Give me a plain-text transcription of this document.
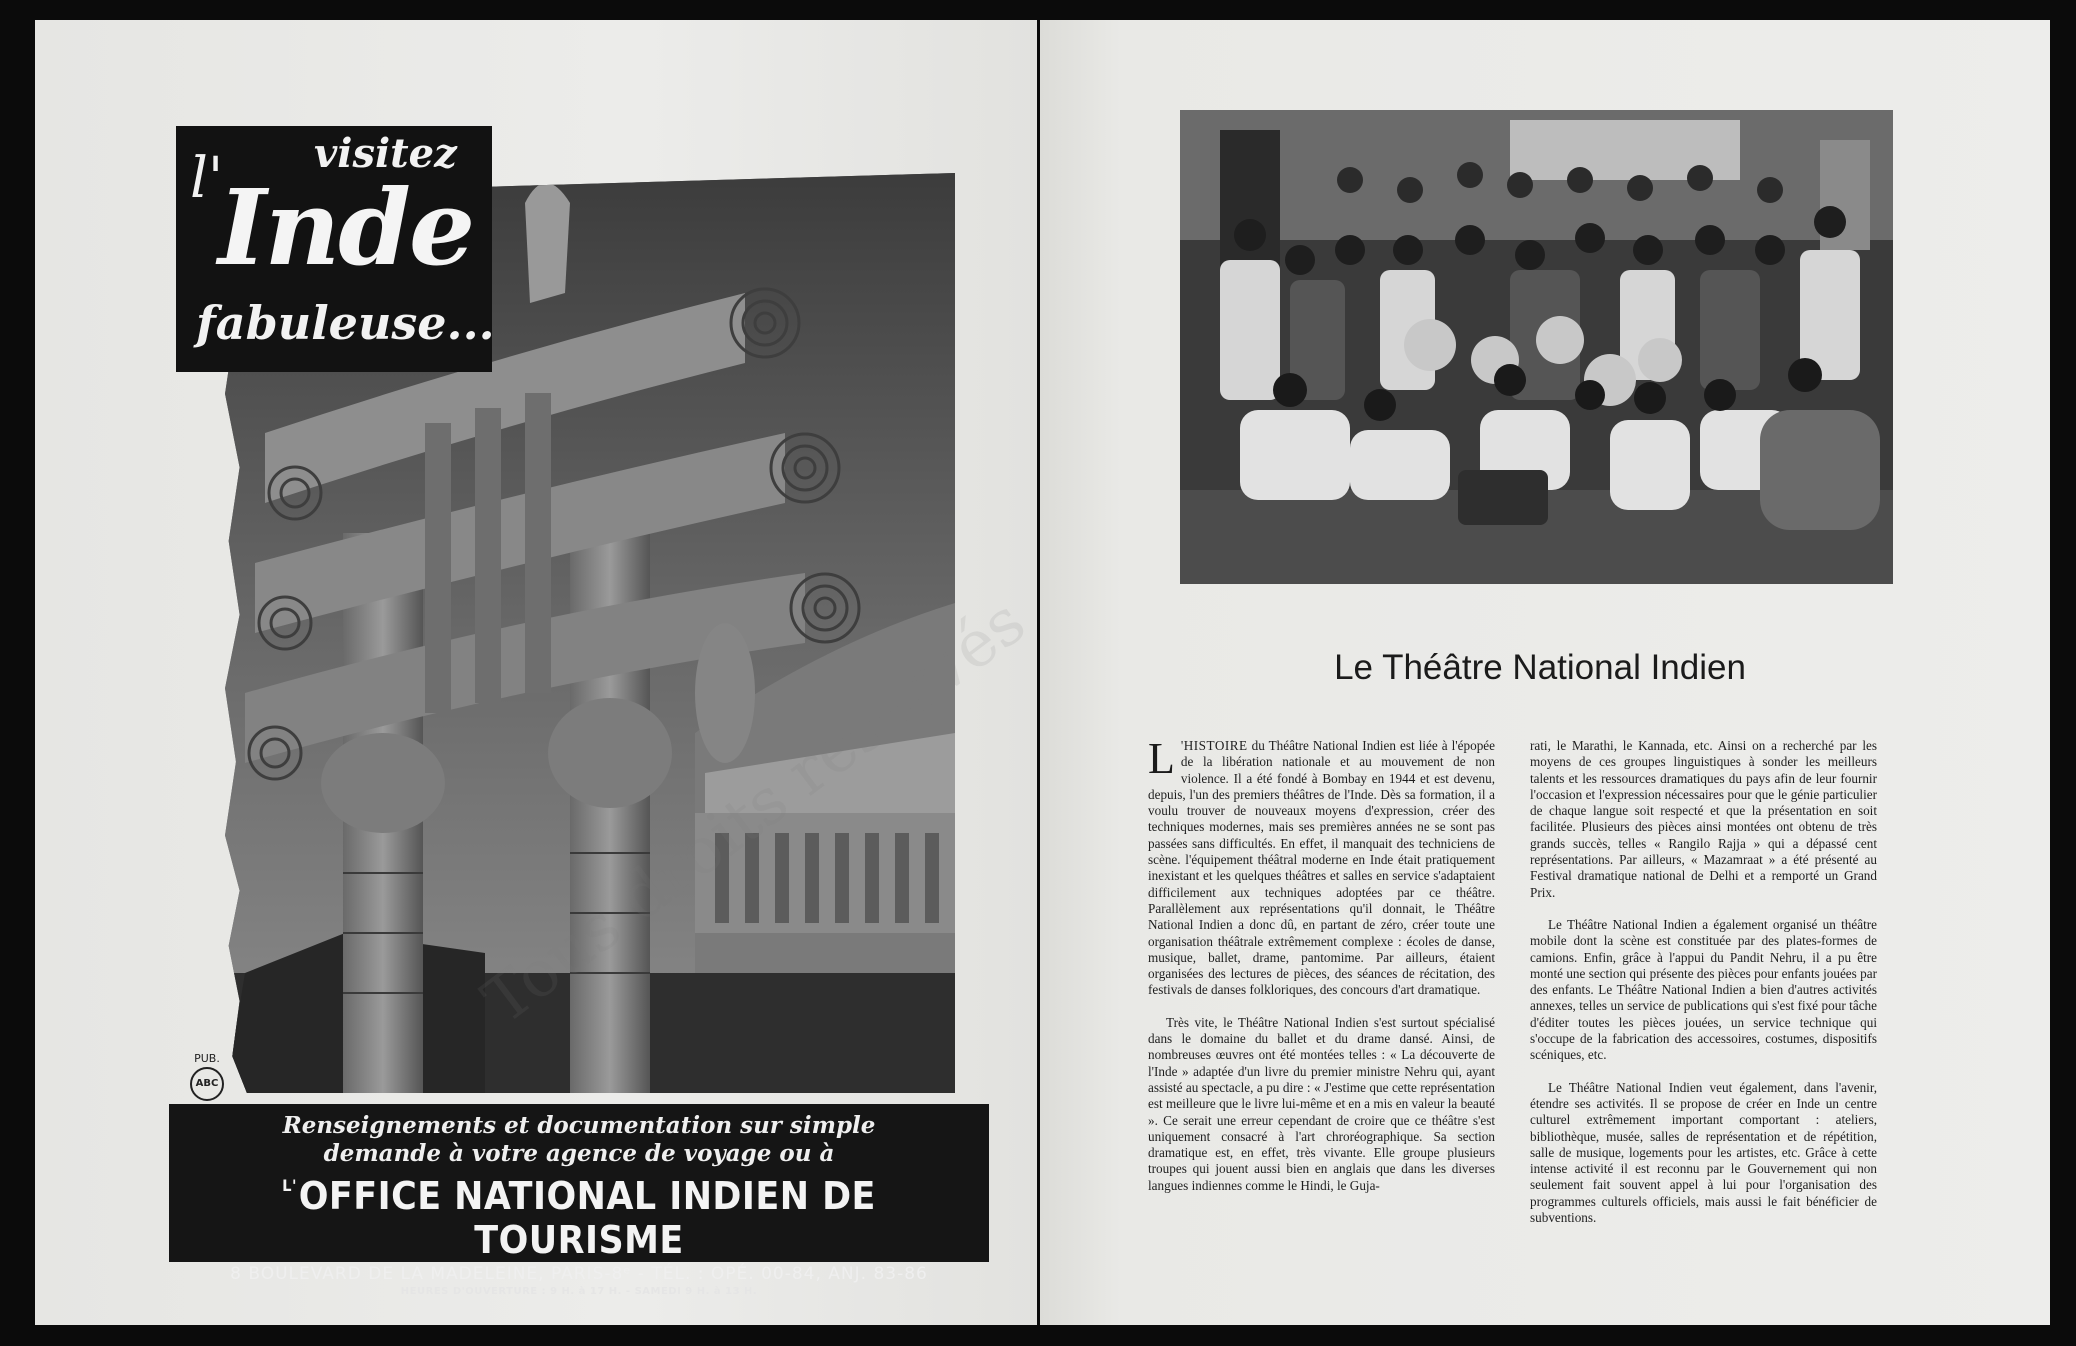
visitez
l'
Inde
fabuleuse...
PUB.
ABC
Renseignements et documentation sur simple
demande à votre agence de voyage ou à
$^{L'}$OFFICE NATIONAL INDIEN DE TOURISME
8 BOULEVARD DE LA MADELEINE, PARIS-8ᵉ - TÉL. : OPÉ. 00-84, ANJ. 83-86
HEURES D'OUVERTURE : 9 H. à 17 H. - SAMEDI 9 H. à 13 H.
Le Théâtre National Indien

L 'HISTOIRE du Théâtre National Indien est liée à l'épopée de la libération nationale et au mouvement de non violence. Il a été fondé à Bombay en 1944 et est devenu, depuis, l'un des premiers théâtres de l'Inde. Dès sa formation, il a voulu trouver de nouveaux moyens d'expression, créer des techniques modernes, mais ses premières années ne se sont pas passées sans difficultés. En effet, il manquait des techniciens de scène. l'équipement théâtral moderne en Inde était pratiquement inexistant et les quelques théâtres et salles en service s'adaptaient difficilement aux techniques adoptées par ce théâtre. Parallèlement aux représentations qu'il donnait, le Théâtre National Indien a donc dû, en partant de zéro, créer toute une organisation théâtrale extrêmement complexe : écoles de danse, musique, ballet, drame, pantomime. Par ailleurs, étaient organisées des lectures de pièces, des séances de récitation, des festivals de danses folkloriques, des concours d'art dramatique.

Très vite, le Théâtre National Indien s'est surtout spécialisé dans le domaine du ballet et du drame dansé. Ainsi, de nombreuses œuvres ont été montées telles : « La découverte de l'Inde » adaptée d'un livre du premier ministre Nehru qui, ayant assisté au spectacle, a pu dire : « J'estime que cette représentation est meilleure que le livre lui-même et en a mis en valeur la beauté ». Ce serait une erreur cependant de croire que ce théâtre s'est uniquement consacré à l'art chroréographique. Sa section dramatique est, en effet, très vivante. Elle groupe plusieurs troupes qui jouent aussi bien en anglais que dans les diverses langues indiennes comme le Hindi, le Guja-

rati, le Marathi, le Kannada, etc. Ainsi on a recherché par les moyens de ces groupes linguistiques à sonder les meilleurs talents et les ressources dramatiques du pays afin de leur fournir l'occasion et l'expression nécessaires pour que le génie particulier de chaque langue soit respecté et que la présentation en soit facilitée. Plusieurs des pièces ainsi montées ont obtenu de très grands succès, telles « Rangilo Rajja » qui a dépassé cent représentations. Par ailleurs, « Mazamraat » a été présenté au Festival dramatique national de Delhi et a remporté un Grand Prix.

Le Théâtre National Indien a également organisé un théâtre mobile dont la scène est constituée par des plates-formes de camions. Enfin, grâce à l'appui du Pandit Nehru, il a pu être monté une section qui présente des pièces pour enfants jouées par des enfants. Le Théâtre National Indien a bien d'autres activités annexes, telles un service de publications qui s'est fixé pour tâche d'éditer toutes les pièces jouées, un service technique qui s'occupe de la fabrication des accessoires, costumes, dispositifs scéniques, etc.

Le Théâtre National Indien veut également, dans l'avenir, étendre ses activités. Il se propose de créer en Inde un centre culturel extrêmement important comportant : ateliers, bibliothèque, musée, salles de représentation et de répétition, salle de musique, logements pour les artistes, etc. Grâce à cette intense activité il est reconnu par le Gouvernement qui non seulement fait souvent appel à lui pour l'organisation des programmes culturels officiels, mais aussi le fait bénéficier de subventions.
